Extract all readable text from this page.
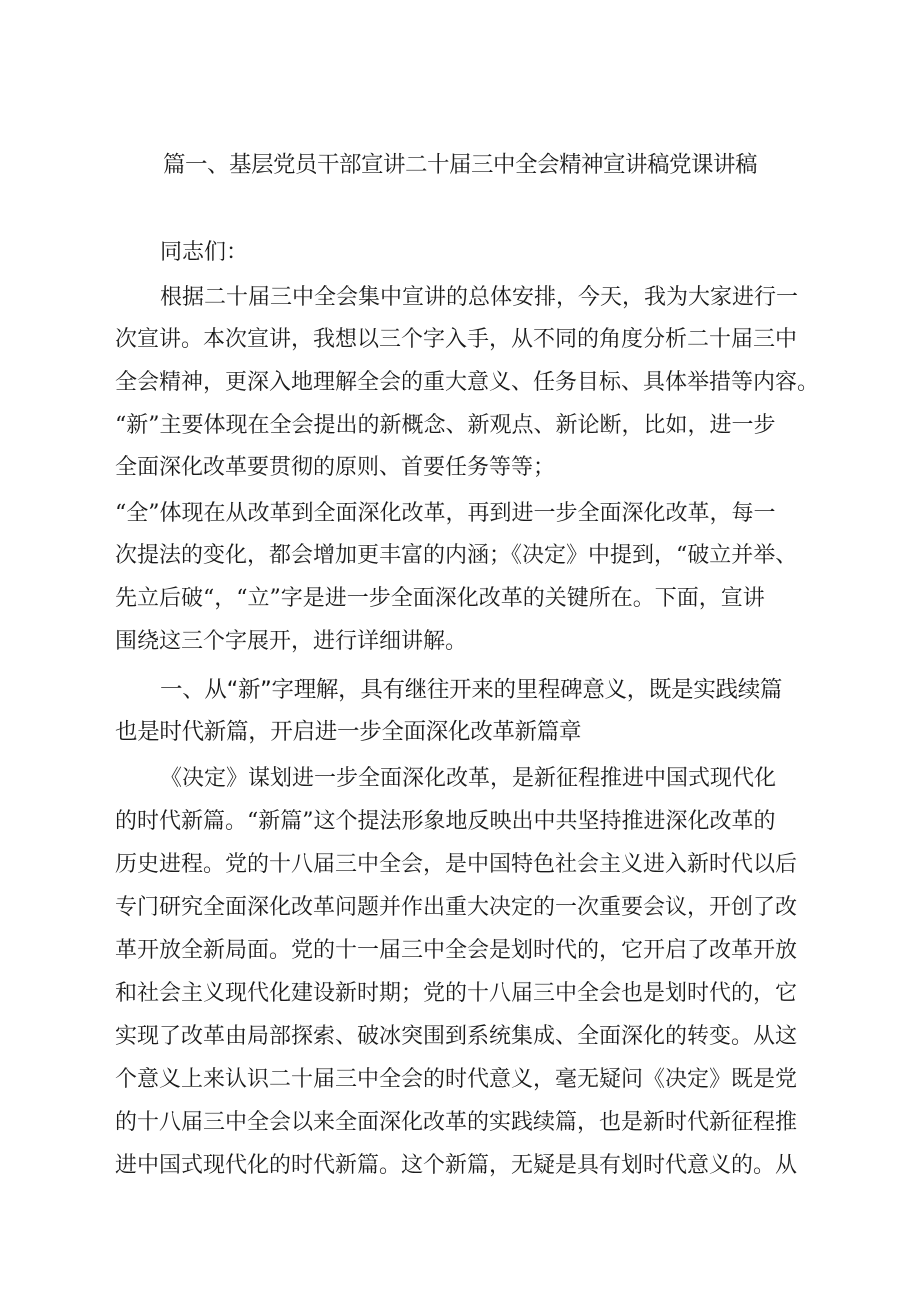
篇一、基层党员干部宣讲二十届三中全会精神宣讲稿党课讲稿

同志们：

根据二十届三中全会集中宣讲的总体安排，今天，我为大家进行一

次宣讲。本次宣讲，我想以三个字入手，从不同的角度分析二十届三中

全会精神，更深入地理解全会的重大意义、任务目标、具体举措等内容。

“新”主要体现在全会提出的新概念、新观点、新论断，比如，进一步

全面深化改革要贯彻的原则、首要任务等等；

“全”体现在从改革到全面深化改革，再到进一步全面深化改革，每一

次提法的变化，都会增加更丰富的内涵；《决定》中提到，“破立并举、

先立后破“，“立”字是进一步全面深化改革的关键所在。下面，宣讲

围绕这三个字展开，进行详细讲解。

一、从“新”字理解，具有继往开来的里程碑意义，既是实践续篇

也是时代新篇，开启进一步全面深化改革新篇章

《决定》谋划进一步全面深化改革，是新征程推进中国式现代化

的时代新篇。“新篇”这个提法形象地反映出中共坚持推进深化改革的

历史进程。党的十八届三中全会，是中国特色社会主义进入新时代以后

专门研究全面深化改革问题并作出重大决定的一次重要会议，开创了改

革开放全新局面。党的十一届三中全会是划时代的，它开启了改革开放

和社会主义现代化建设新时期；党的十八届三中全会也是划时代的，它

实现了改革由局部探索、破冰突围到系统集成、全面深化的转变。从这

个意义上来认识二十届三中全会的时代意义，毫无疑问《决定》既是党

的十八届三中全会以来全面深化改革的实践续篇，也是新时代新征程推

进中国式现代化的时代新篇。这个新篇，无疑是具有划时代意义的。从
